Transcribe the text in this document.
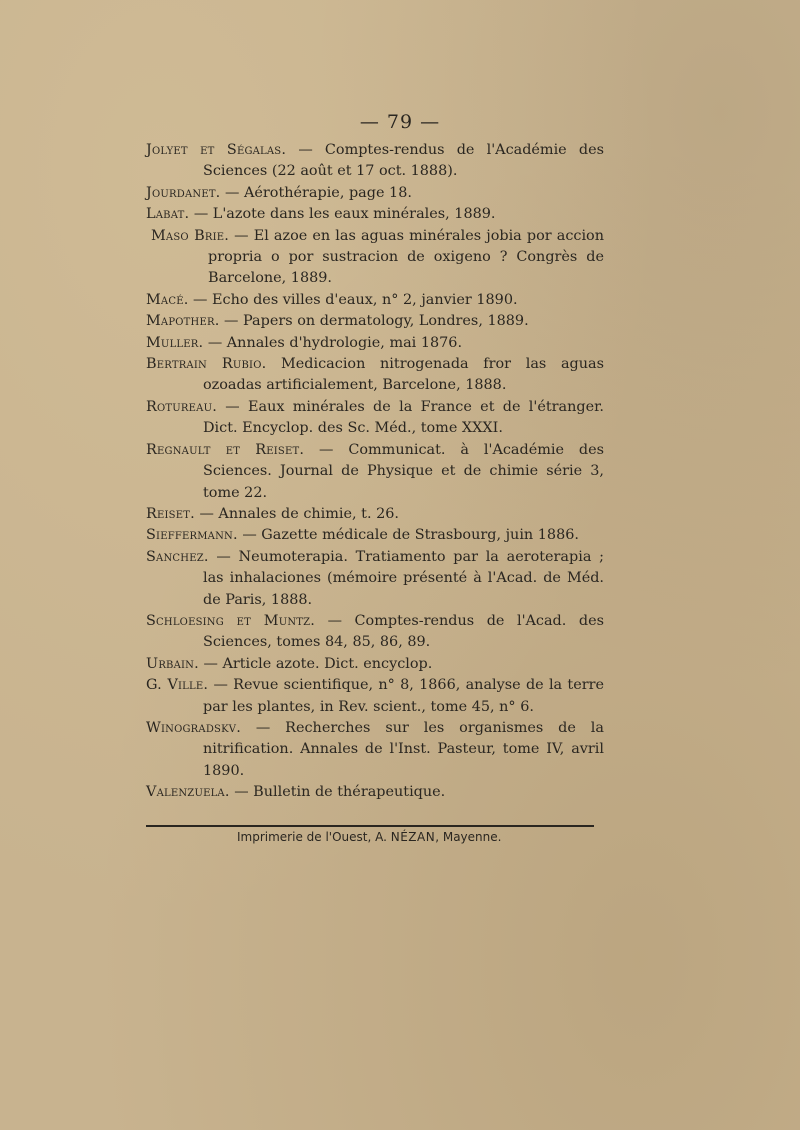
— 79 —
Jolyet et Ségalas. — Comptes-rendus de l'Académie des Sciences (22 août et 17 oct. 1888).
Jourdanet. — Aérothérapie, page 18.
Labat. — L'azote dans les eaux minérales, 1889.
Maso Brie. — El azoe en las aguas minérales jobia por accion propria o por sustracion de oxigeno ? Congrès de Barcelone, 1889.
Macé. — Echo des villes d'eaux, n° 2, janvier 1890.
Mapother. — Papers on dermatology, Londres, 1889.
Muller. — Annales d'hydrologie, mai 1876.
Bertrain Rubio. Medicacion nitrogenada fror las aguas ozoadas artificialement, Barcelone, 1888.
Rotureau. — Eaux minérales de la France et de l'étranger. Dict. Encyclop. des Sc. Méd., tome XXXI.
Regnault et Reiset. — Communicat. à l'Académie des Sciences. Journal de Physique et de chimie série 3, tome 22.
Reiset. — Annales de chimie, t. 26.
Sieffermann. — Gazette médicale de Strasbourg, juin 1886.
Sanchez. — Neumoterapia. Tratiamento par la aeroterapia ; las inhalaciones (mémoire présenté à l'Acad. de Méd. de Paris, 1888.
Schloesing et Muntz. — Comptes-rendus de l'Acad. des Sciences, tomes 84, 85, 86, 89.
Urbain. — Article azote. Dict. encyclop.
G. Ville. — Revue scientifique, n° 8, 1866, analyse de la terre par les plantes, in Rev. scient., tome 45, n° 6.
Winogradskv. — Recherches sur les organismes de la nitrification. Annales de l'Inst. Pasteur, tome IV, avril 1890.
Valenzuela. — Bulletin de thérapeutique.
Imprimerie de l'Ouest, A. NÉZAN, Mayenne.
